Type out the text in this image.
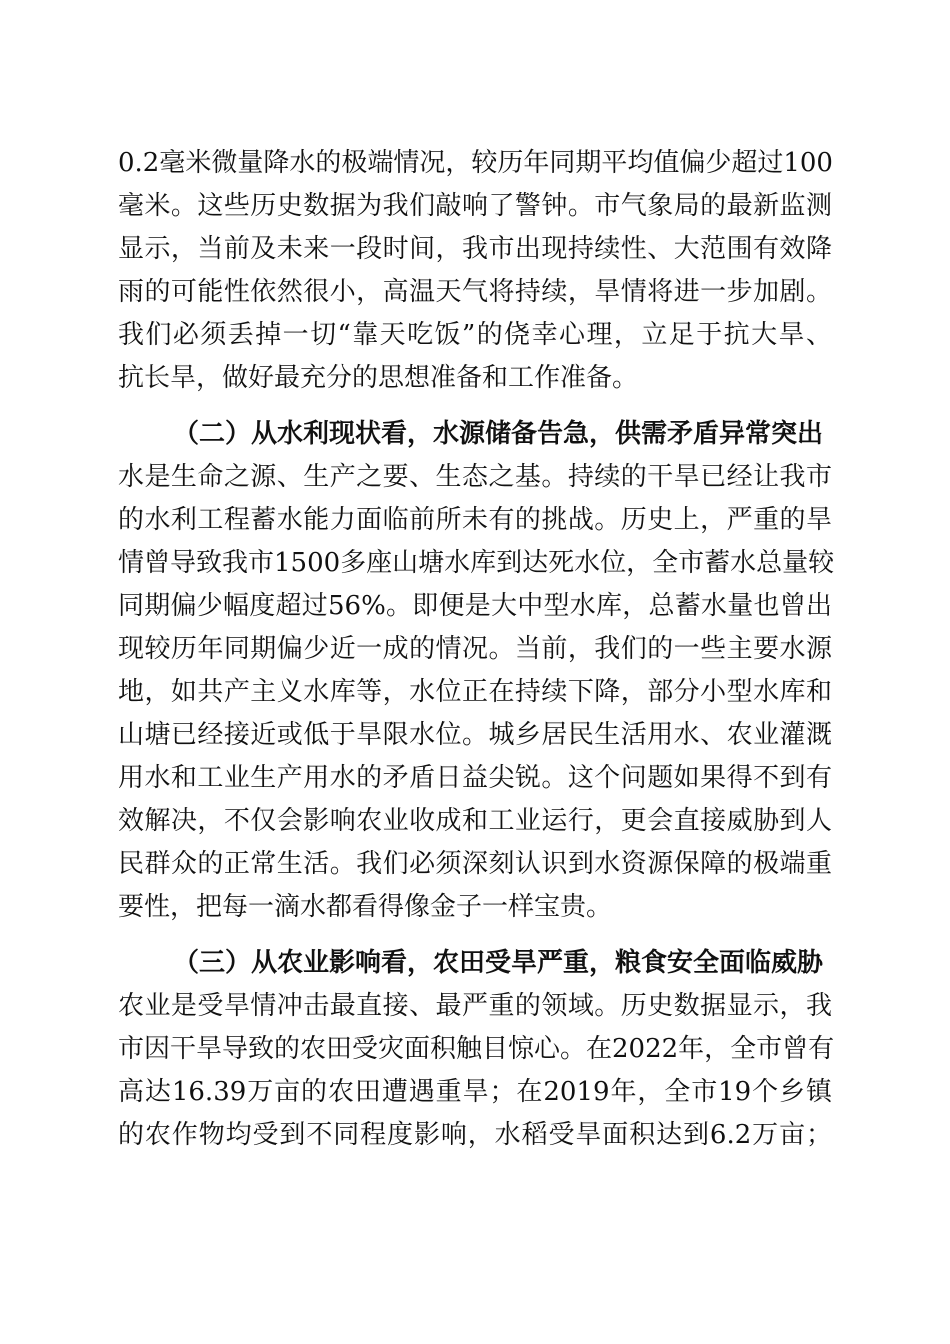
0.2毫米微量降水的极端情况，较历年同期平均值偏少超过100
毫米。这些历史数据为我们敲响了警钟。市气象局的最新监测
显示，当前及未来一段时间，我市出现持续性、大范围有效降
雨的可能性依然很小，高温天气将持续，旱情将进一步加剧。
我们必须丢掉一切“靠天吃饭”的侥幸心理，立足于抗大旱、
抗长旱，做好最充分的思想准备和工作准备。
（二）从水利现状看，水源储备告急，供需矛盾异常突出
水是生命之源、生产之要、生态之基。持续的干旱已经让我市
的水利工程蓄水能力面临前所未有的挑战。历史上，严重的旱
情曾导致我市1500多座山塘水库到达死水位，全市蓄水总量较
同期偏少幅度超过56%。即便是大中型水库，总蓄水量也曾出
现较历年同期偏少近一成的情况。当前，我们的一些主要水源
地，如共产主义水库等，水位正在持续下降，部分小型水库和
山塘已经接近或低于旱限水位。城乡居民生活用水、农业灌溉
用水和工业生产用水的矛盾日益尖锐。这个问题如果得不到有
效解决，不仅会影响农业收成和工业运行，更会直接威胁到人
民群众的正常生活。我们必须深刻认识到水资源保障的极端重
要性，把每一滴水都看得像金子一样宝贵。
（三）从农业影响看，农田受旱严重，粮食安全面临威胁
农业是受旱情冲击最直接、最严重的领域。历史数据显示，我
市因干旱导致的农田受灾面积触目惊心。在2022年，全市曾有
高达16.39万亩的农田遭遇重旱；在2019年，全市19个乡镇
的农作物均受到不同程度影响，水稻受旱面积达到6.2万亩；
